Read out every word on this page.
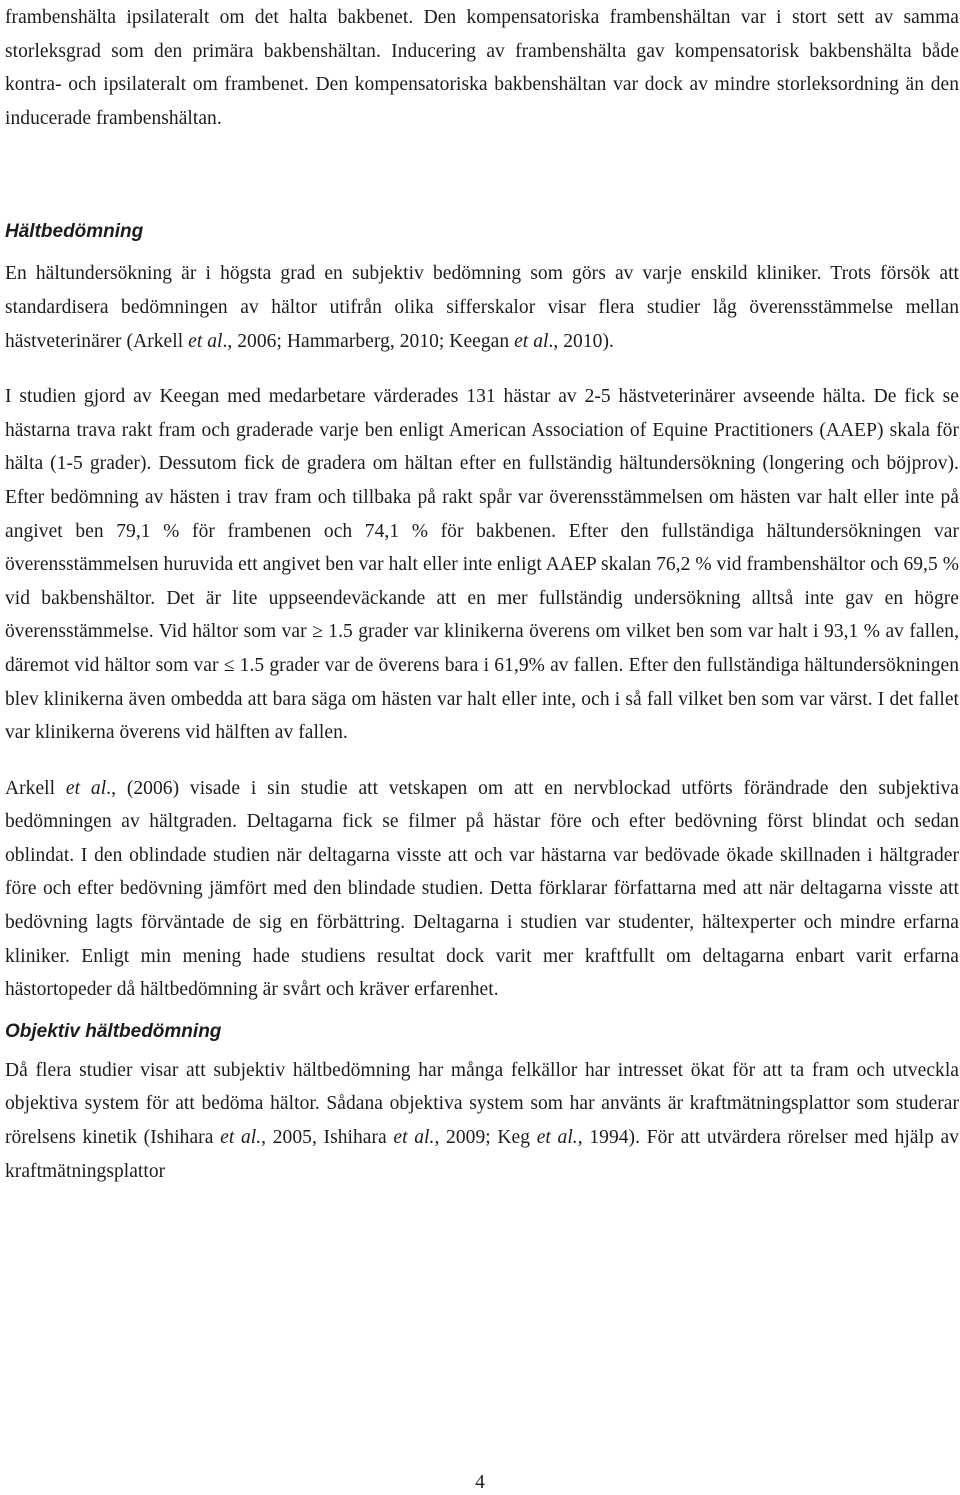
frambenshälta ipsilateralt om det halta bakbenet. Den kompensatoriska frambenshältan var i stort sett av samma storleksgrad som den primära bakbenshältan. Inducering av frambenshälta gav kompensatorisk bakbenshälta både kontra- och ipsilateralt om frambenet. Den kompensatoriska bakbenshältan var dock av mindre storleksordning än den inducerade frambenshältan.

Hältbedömning

En hältundersökning är i högsta grad en subjektiv bedömning som görs av varje enskild kliniker. Trots försök att standardisera bedömningen av hältor utifrån olika sifferskalor visar flera studier låg överensstämmelse mellan hästveterinärer (Arkell et al., 2006; Hammarberg, 2010; Keegan et al., 2010).

I studien gjord av Keegan med medarbetare värderades 131 hästar av 2-5 hästveterinärer avseende hälta. De fick se hästarna trava rakt fram och graderade varje ben enligt American Association of Equine Practitioners (AAEP) skala för hälta (1-5 grader). Dessutom fick de gradera om hältan efter en fullständig hältundersökning (longering och böjprov). Efter bedömning av hästen i trav fram och tillbaka på rakt spår var överensstämmelsen om hästen var halt eller inte på angivet ben 79,1 % för frambenen och 74,1 % för bakbenen. Efter den fullständiga hältundersökningen var överensstämmelsen huruvida ett angivet ben var halt eller inte enligt AAEP skalan 76,2 % vid frambenshältor och 69,5 % vid bakbenshältor. Det är lite uppseendeväckande att en mer fullständig undersökning alltså inte gav en högre överensstämmelse. Vid hältor som var ≥ 1.5 grader var klinikerna överens om vilket ben som var halt i 93,1 % av fallen, däremot vid hältor som var ≤ 1.5 grader var de överens bara i 61,9% av fallen. Efter den fullständiga hältundersökningen blev klinikerna även ombedda att bara säga om hästen var halt eller inte, och i så fall vilket ben som var värst. I det fallet var klinikerna överens vid hälften av fallen.

Arkell et al., (2006) visade i sin studie att vetskapen om att en nervblockad utförts förändrade den subjektiva bedömningen av hältgraden. Deltagarna fick se filmer på hästar före och efter bedövning först blindat och sedan oblindat. I den oblindade studien när deltagarna visste att och var hästarna var bedövade ökade skillnaden i hältgrader före och efter bedövning jämfört med den blindade studien. Detta förklarar författarna med att när deltagarna visste att bedövning lagts förväntade de sig en förbättring. Deltagarna i studien var studenter, hältexperter och mindre erfarna kliniker. Enligt min mening hade studiens resultat dock varit mer kraftfullt om deltagarna enbart varit erfarna hästortopeder då hältbedömning är svårt och kräver erfarenhet.

Objektiv hältbedömning

Då flera studier visar att subjektiv hältbedömning har många felkällor har intresset ökat för att ta fram och utveckla objektiva system för att bedöma hältor. Sådana objektiva system som har använts är kraftmätningsplattor som studerar rörelsens kinetik (Ishihara et al., 2005, Ishihara et al., 2009; Keg et al., 1994). För att utvärdera rörelser med hjälp av kraftmätningsplattor

4
